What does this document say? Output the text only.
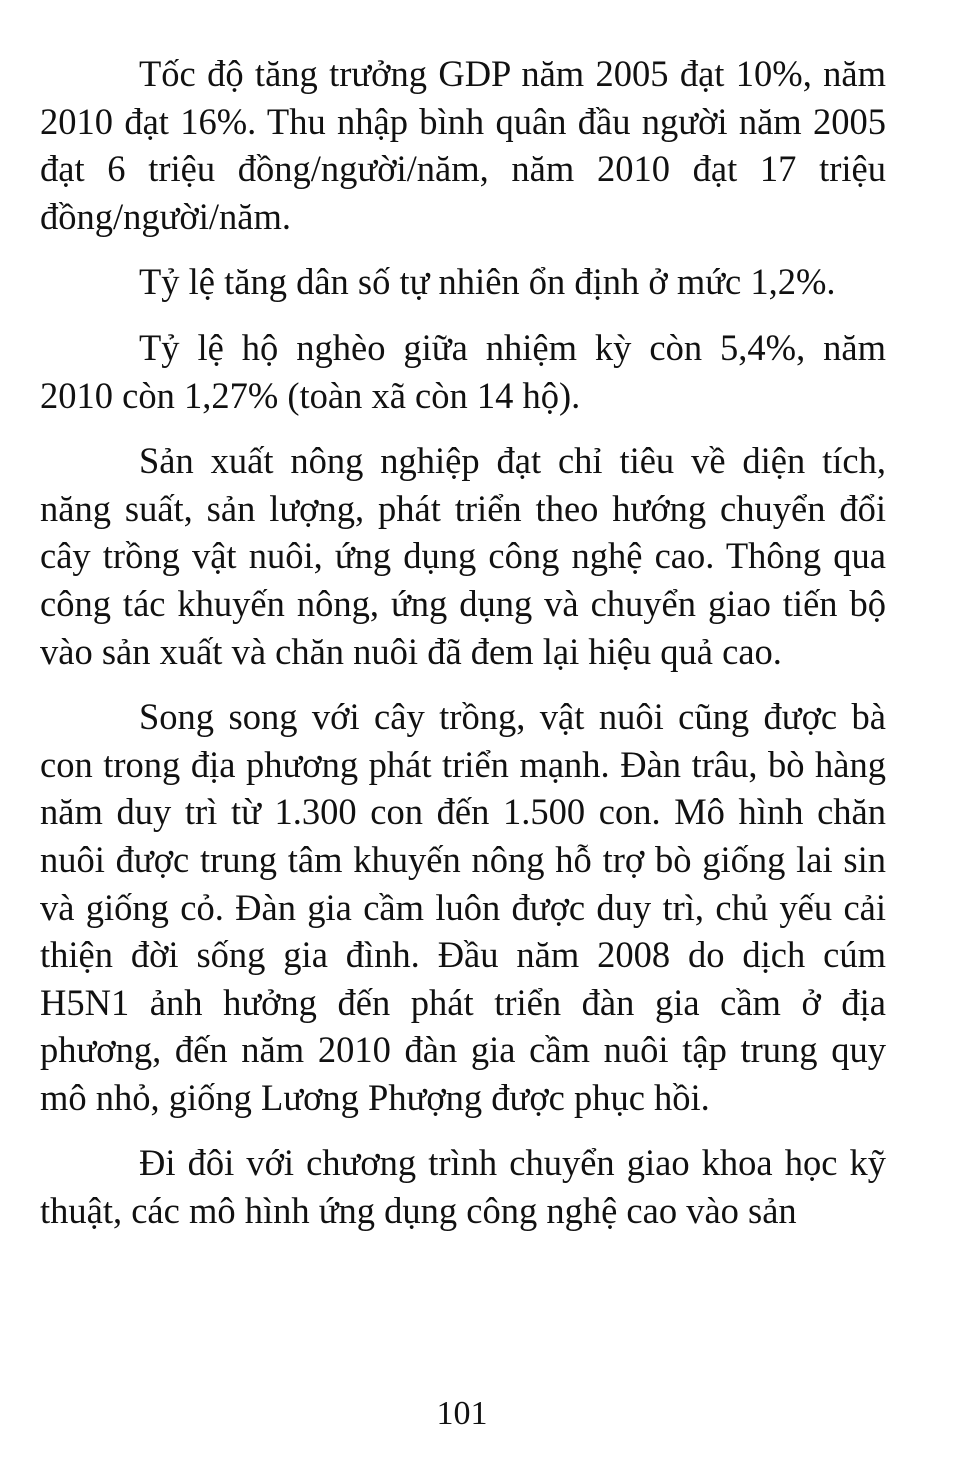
Tốc độ tăng trưởng GDP năm 2005 đạt 10%, năm 2010 đạt 16%. Thu nhập bình quân đầu người năm 2005 đạt 6 triệu đồng/người/năm, năm 2010 đạt 17 triệu đồng/người/năm.

Tỷ lệ tăng dân số tự nhiên ổn định ở mức 1,2%.

Tỷ lệ hộ nghèo giữa nhiệm kỳ còn 5,4%, năm 2010 còn 1,27% (toàn xã còn 14 hộ).

Sản xuất nông nghiệp đạt chỉ tiêu về diện tích, năng suất, sản lượng, phát triển theo hướng chuyển đổi cây trồng vật nuôi, ứng dụng công nghệ cao. Thông qua công tác khuyến nông, ứng dụng và chuyển giao tiến bộ vào sản xuất và chăn nuôi đã đem lại hiệu quả cao.

Song song với cây trồng, vật nuôi cũng được bà con trong địa phương phát triển mạnh. Đàn trâu, bò hàng năm duy trì từ 1.300 con đến 1.500 con. Mô hình chăn nuôi được trung tâm khuyến nông hỗ trợ bò giống lai sin và giống cỏ. Đàn gia cầm luôn được duy trì, chủ yếu cải thiện đời sống gia đình. Đầu năm 2008 do dịch cúm H5N1 ảnh hưởng đến phát triển đàn gia cầm ở địa phương, đến năm 2010 đàn gia cầm nuôi tập trung quy mô nhỏ, giống Lương Phượng được phục hồi.

Đi đôi với chương trình chuyển giao khoa học kỹ thuật, các mô hình ứng dụng công nghệ cao vào sản

101
